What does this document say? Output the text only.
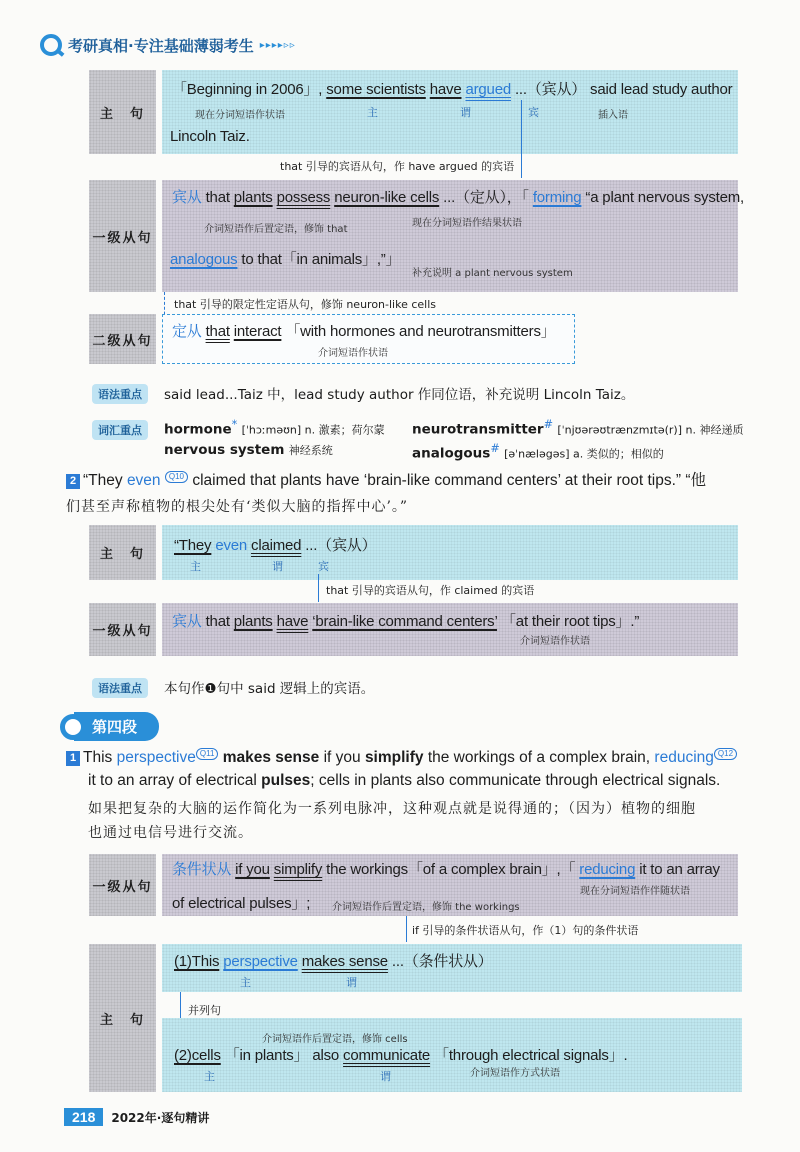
考研真相·专注基础薄弱考生 ▸▸▸▸▹▹
主　句
「Beginning in 2006」, some scientists have argued ...（宾从） said lead study author
现在分词短语作状语	主	谓	宾	插入语
Lincoln Taiz.
that 引导的宾语从句，作 have argued 的宾语
一级从句
宾从 that plants possess neuron-like cells ...（定从），「 forming “a plant nervous system,
介词短语作后置定语，修饰 that
现在分词短语作结果状语
analogous to that「in animals」,”」
补充说明 a plant nervous system
that 引导的限定性定语从句，修饰 neuron-like cells
二级从句
定从 that interact 「with hormones and neurotransmitters」
介词短语作状语
语法重点	said lead...Taiz 中，lead study author 作同位语，补充说明 Lincoln Taiz。
词汇重点	hormone* [ˈhɔːməʊn] n. 激素；荷尔蒙 neurotransmitter# [ˈnjʊərəʊtrænzmɪtə(r)] n. 神经递质
nervous system 神经系统	analogous# [əˈnæləgəs] a. 类似的；相似的
2 “They even Q10 claimed that plants have ‘brain-like command centers’ at their root tips.” “他
们甚至声称植物的根尖处有‘类似大脑的指挥中心’。”
主　句
“They even claimed ...（宾从）
主	谓	宾
that 引导的宾语从句，作 claimed 的宾语
一级从句
宾从 that plants have ‘brain-like command centers’ 「at their root tips」.”
介词短语作状语
语法重点	本句作❶句中 said 逻辑上的宾语。
第四段
1 This perspective Q11 makes sense if you simplify the workings of a complex brain, reducing Q12
it to an array of electrical pulses; cells in plants also communicate through electrical signals.
如果把复杂的大脑的运作简化为一系列电脉冲，这种观点就是说得通的；（因为）植物的细胞
也通过电信号进行交流。
一级从句
条件状从 if you simplify the workings「of a complex brain」,「 reducing it to an array
现在分词短语作伴随状语
of electrical pulses」; 介词短语作后置定语，修饰 the workings
if 引导的条件状语从句，作（1）句的条件状语
主　句
(1)This perspective makes sense ...（条件状从）
主	谓
并列句
介词短语作后置定语，修饰 cells
(2)cells 「in plants」 also communicate 「through electrical signals」.
主	谓	介词短语作方式状语
218	2022年·逐句精讲
